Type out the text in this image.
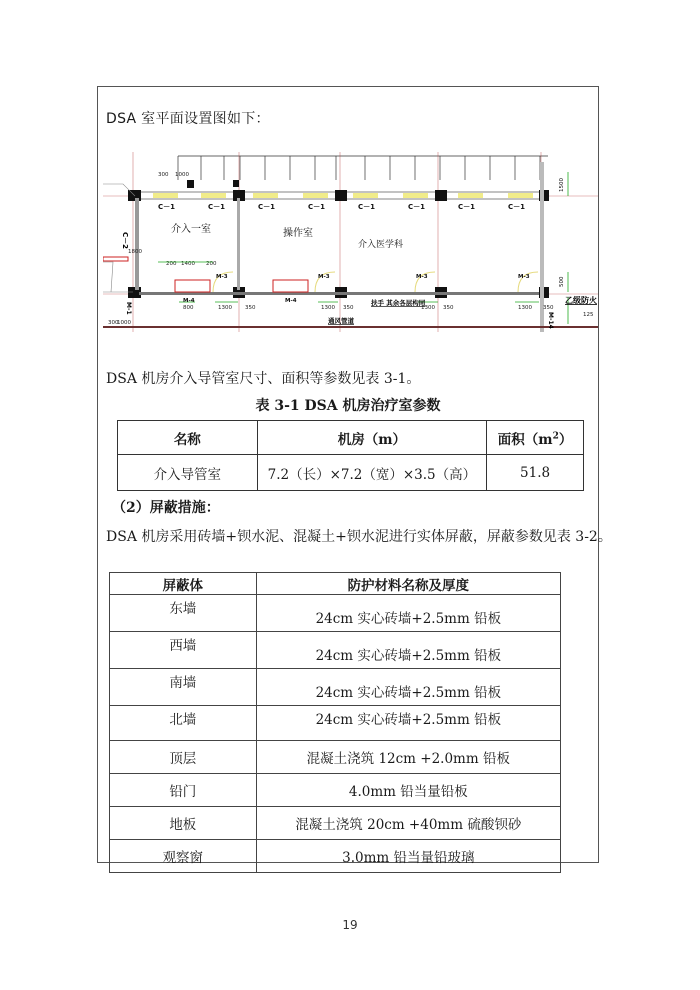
DSA 室平面设置图如下：
C－1	C－1	C－1	C－1	C－1	C－1	C－1	C－1
C－2
介入一室	操作室
介入医学科
300 1000
1800
200 1400 200
800	1300 350	1300 350	1300 350	1300 350
125
300
1000
1500
500
M-3	M-3	M-3	M-3
M-4	M-4
M-1
M-14
扶手 其余各层构同
通风管道
乙级防火
DSA 机房介入导管室尺寸、面积等参数见表 3-1。
表 3-1 DSA 机房治疗室参数
名称	机房（m）	面积$(m^2)$
介入导管室	7.2（长）×7.2（宽）×3.5（高）	51.8
（2）屏蔽措施：
DSA 机房采用砖墙+钡水泥、混凝土+钡水泥进行实体屏蔽，屏蔽参数见表 3-2。
屏蔽体	防护材料名称及厚度
东墙	24cm 实心砖墙+2.5mm 铅板
西墙	24cm 实心砖墙+2.5mm 铅板
南墙	24cm 实心砖墙+2.5mm 铅板
北墙	24cm 实心砖墙+2.5mm 铅板
顶层	混凝土浇筑 12cm +2.0mm 铅板
铅门	4.0mm 铅当量铅板
地板	混凝土浇筑 20cm +40mm 硫酸钡砂
观察窗	3.0mm 铅当量铅玻璃
19
